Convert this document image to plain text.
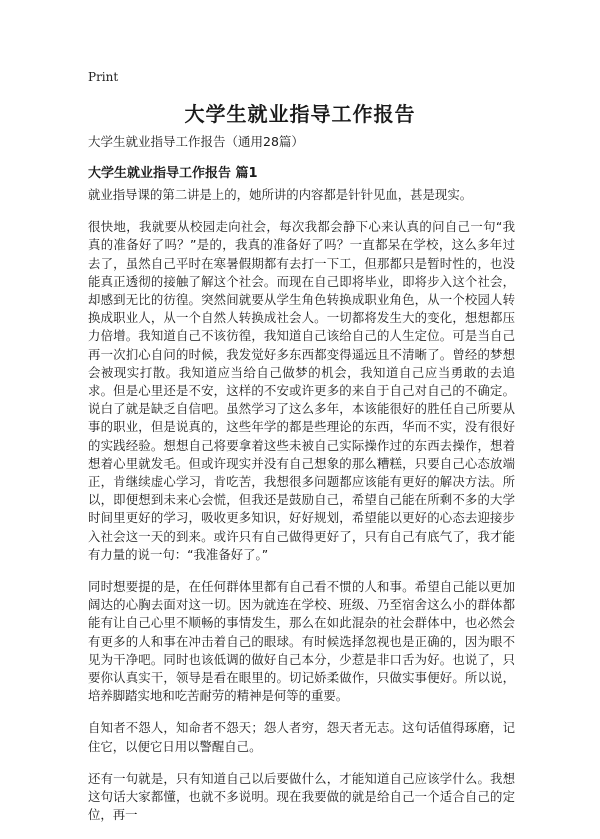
Print
大学生就业指导工作报告

大学生就业指导工作报告（通用28篇）

大学生就业指导工作报告 篇1

就业指导课的第二讲是上的，她所讲的内容都是针针见血，甚是现实。

很快地，我就要从校园走向社会，每次我都会静下心来认真的问自己一句“我真的准备好了吗？”是的，我真的准备好了吗？一直都呆在学校，这么多年过去了，虽然自己平时在寒暑假期都有去打一下工，但那都只是暂时性的，也没能真正透彻的接触了解这个社会。而现在自己即将毕业，即将步入这个社会，却感到无比的彷徨。突然间就要从学生角色转换成职业角色，从一个校园人转换成职业人，从一个自然人转换成社会人。一切都将发生大的变化，想想都压力倍增。我知道自己不该彷徨，我知道自己该给自己的人生定位。可是当自己再一次扪心自问的时候，我发觉好多东西都变得遥远且不清晰了。曾经的梦想会被现实打散。我知道应当给自己做梦的机会，我知道自己应当勇敢的去追求。但是心里还是不安，这样的不安或许更多的来自于自己对自己的不确定。说白了就是缺乏自信吧。虽然学习了这么多年，本该能很好的胜任自己所要从事的职业，但是说真的，这些年学的都是些理论的东西，华而不实，没有很好的实践经验。想想自己将要拿着这些未被自己实际操作过的东西去操作，想着想着心里就发毛。但或许现实并没有自己想象的那么糟糕，只要自己心态放端正，肯继续虚心学习，肯吃苦，我想很多问题都应该能有更好的解决方法。所以，即便想到未来心会慌，但我还是鼓励自己，希望自己能在所剩不多的大学时间里更好的学习，吸收更多知识，好好规划，希望能以更好的心态去迎接步入社会这一天的到来。或许只有自己做得更好了，只有自己有底气了，我才能有力量的说一句：“我准备好了。”

同时想要提的是，在任何群体里都有自己看不惯的人和事。希望自己能以更加阔达的心胸去面对这一切。因为就连在学校、班级、乃至宿舍这么小的群体都能有让自己心里不顺畅的事情发生，那么在如此混杂的社会群体中，也必然会有更多的人和事在冲击着自己的眼球。有时候选择忽视也是正确的，因为眼不见为干净吧。同时也该低调的做好自己本分，少惹是非口舌为好。也说了，只要你认真实干，领导是看在眼里的。切记娇柔做作，只做实事便好。所以说，培养脚踏实地和吃苦耐劳的精神是何等的重要。

自知者不怨人，知命者不怨天；怨人者穷，怨天者无志。这句话值得琢磨，记住它，以便它日用以警醒自己。

还有一句就是，只有知道自己以后要做什么，才能知道自己应该学什么。我想这句话大家都懂，也就不多说明。现在我要做的就是给自己一个适合自己的定位，再一
